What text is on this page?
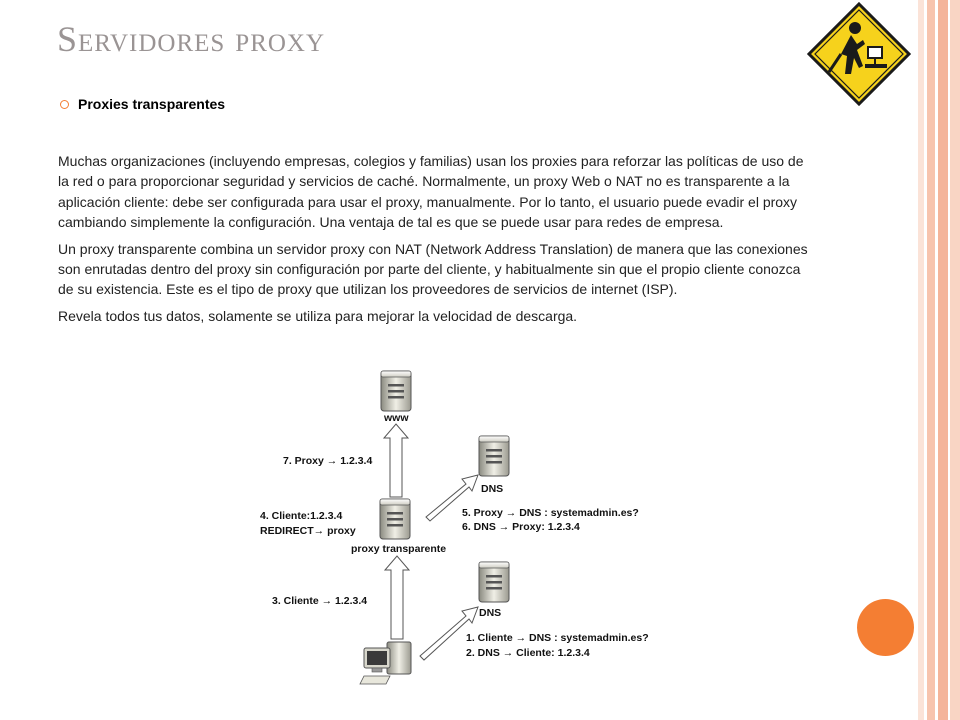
Servidores proxy
Proxies transparentes

Muchas organizaciones (incluyendo empresas, colegios y familias) usan los proxies para reforzar las políticas de uso de la red o para proporcionar seguridad y servicios de caché. Normalmente, un proxy Web o NAT no es transparente a la aplicación cliente: debe ser configurada para usar el proxy, manualmente. Por lo tanto, el usuario puede evadir el proxy cambiando simplemente la configuración. Una ventaja de tal es que se puede usar para redes de empresa.

Un proxy transparente combina un servidor proxy con NAT (Network Address Translation) de manera que las conexiones son enrutadas dentro del proxy sin configuración por parte del cliente, y habitualmente sin que el propio cliente conozca de su existencia. Este es el tipo de proxy que utilizan los proveedores de servicios de internet (ISP).

Revela todos tus datos, solamente se utiliza para mejorar la velocidad de descarga.

www
DNS
proxy transparente
DNS
7. Proxy → 1.2.3.4
4. Cliente:1.2.3.4
REDIRECT→ proxy
5. Proxy → DNS : systemadmin.es?
6. DNS → Proxy: 1.2.3.4
3. Cliente → 1.2.3.4
1. Cliente → DNS : systemadmin.es?
2. DNS → Cliente: 1.2.3.4
